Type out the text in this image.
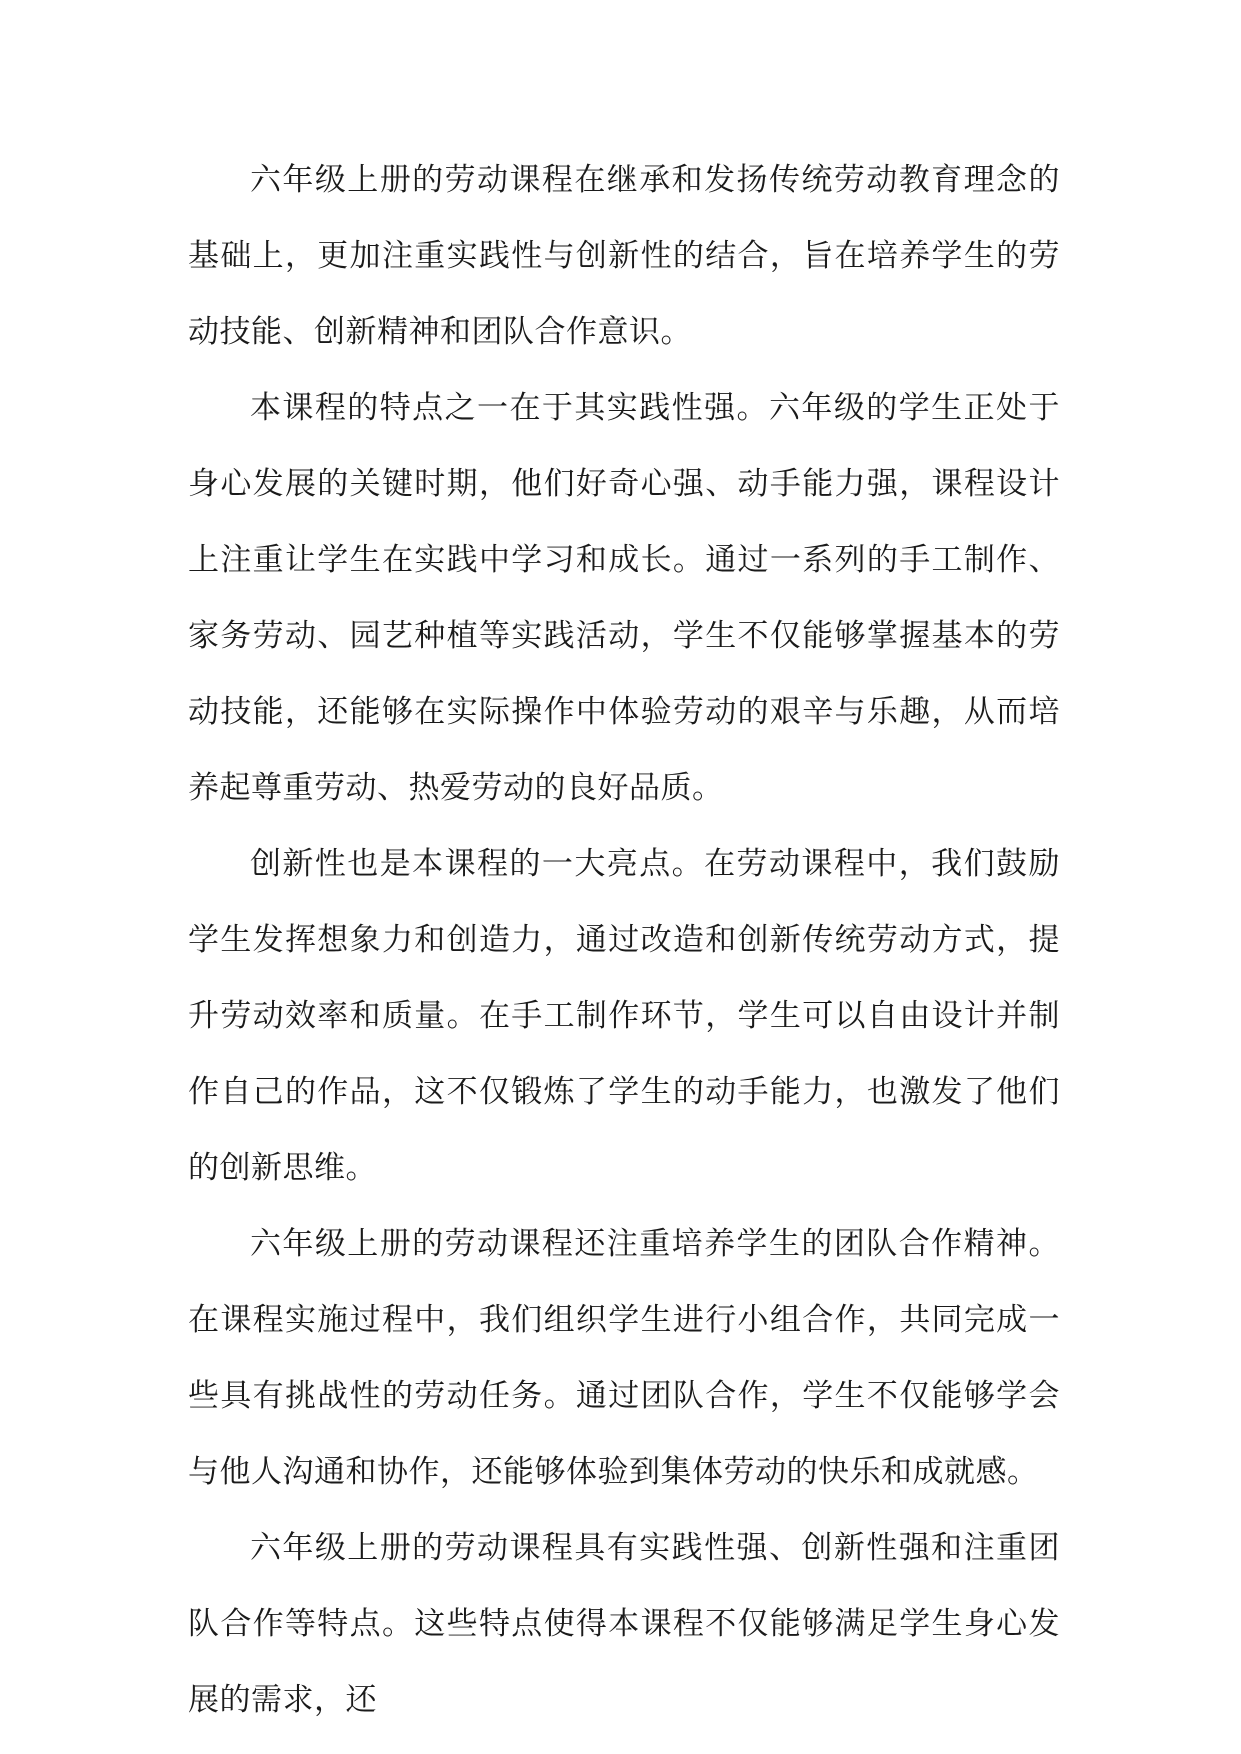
六年级上册的劳动课程在继承和发扬传统劳动教育理念的基础上，更加注重实践性与创新性的结合，旨在培养学生的劳动技能、创新精神和团队合作意识。

本课程的特点之一在于其实践性强。六年级的学生正处于身心发展的关键时期，他们好奇心强、动手能力强，课程设计上注重让学生在实践中学习和成长。通过一系列的手工制作、家务劳动、园艺种植等实践活动，学生不仅能够掌握基本的劳动技能，还能够在实际操作中体验劳动的艰辛与乐趣，从而培养起尊重劳动、热爱劳动的良好品质。

创新性也是本课程的一大亮点。在劳动课程中，我们鼓励学生发挥想象力和创造力，通过改造和创新传统劳动方式，提升劳动效率和质量。在手工制作环节，学生可以自由设计并制作自己的作品，这不仅锻炼了学生的动手能力，也激发了他们的创新思维。

六年级上册的劳动课程还注重培养学生的团队合作精神。在课程实施过程中，我们组织学生进行小组合作，共同完成一些具有挑战性的劳动任务。通过团队合作，学生不仅能够学会与他人沟通和协作，还能够体验到集体劳动的快乐和成就感。

六年级上册的劳动课程具有实践性强、创新性强和注重团队合作等特点。这些特点使得本课程不仅能够满足学生身心发展的需求，还
